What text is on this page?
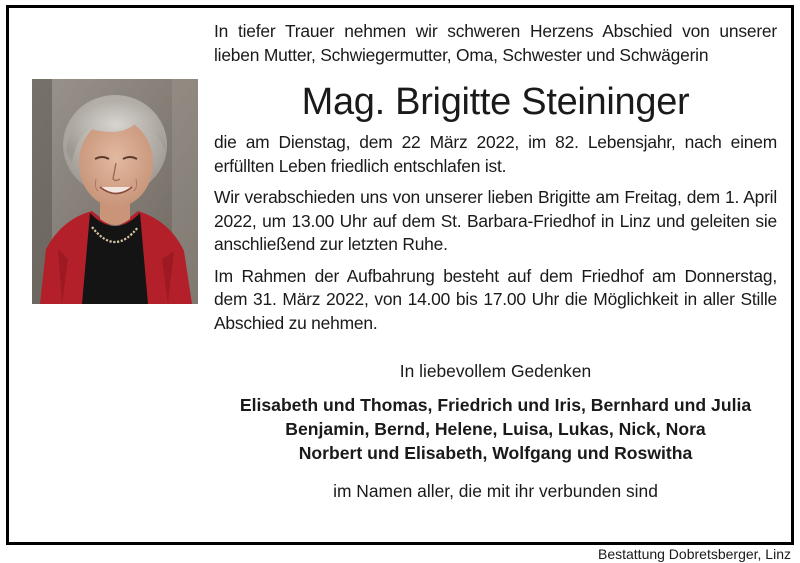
In tiefer Trauer nehmen wir schweren Herzens Abschied von unserer lieben Mutter, Schwiegermutter, Oma, Schwester und Schwägerin

Mag. Brigitte Steininger

die am Dienstag, dem 22 März 2022, im 82. Lebensjahr, nach einem erfüllten Leben friedlich entschlafen ist.

Wir verabschieden uns von unserer lieben Brigitte am Freitag, dem 1. April 2022, um 13.00 Uhr auf dem St. Barbara-Friedhof in Linz und geleiten sie anschließend zur letzten Ruhe.

Im Rahmen der Aufbahrung besteht auf dem Friedhof am Donnerstag, dem 31. März 2022, von 14.00 bis 17.00 Uhr die Möglichkeit in aller Stille Abschied zu nehmen.

In liebevollem Gedenken

Elisabeth und Thomas, Friedrich und Iris, Bernhard und Julia

Benjamin, Bernd, Helene, Luisa, Lukas, Nick, Nora

Norbert und Elisabeth, Wolfgang und Roswitha

im Namen aller, die mit ihr verbunden sind

Bestattung Dobretsberger, Linz
